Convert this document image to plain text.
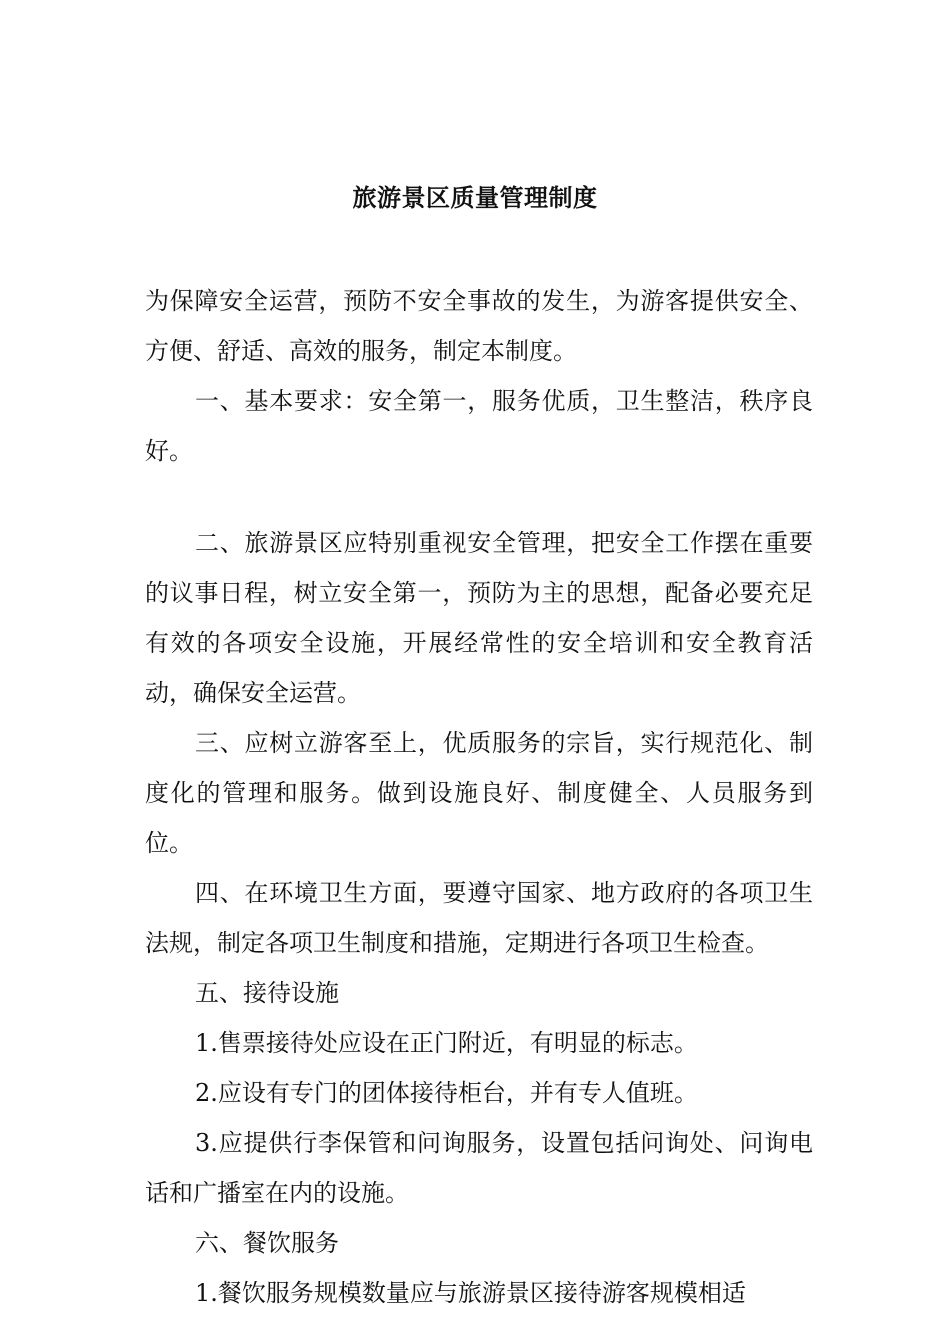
旅游景区质量管理制度

为保障安全运营，预防不安全事故的发生，为游客提供安全、方便、舒适、高效的服务，制定本制度。

一、基本要求：安全第一，服务优质，卫生整洁，秩序良好。

二、旅游景区应特别重视安全管理，把安全工作摆在重要的议事日程，树立安全第一，预防为主的思想，配备必要充足有效的各项安全设施，开展经常性的安全培训和安全教育活动，确保安全运营。

三、应树立游客至上，优质服务的宗旨，实行规范化、制度化的管理和服务。做到设施良好、制度健全、人员服务到位。

四、在环境卫生方面，要遵守国家、地方政府的各项卫生法规，制定各项卫生制度和措施，定期进行各项卫生检查。

五、接待设施

1.售票接待处应设在正门附近，有明显的标志。

2.应设有专门的团体接待柜台，并有专人值班。

3.应提供行李保管和问询服务，设置包括问询处、问询电话和广播室在内的设施。

六、餐饮服务

1.餐饮服务规模数量应与旅游景区接待游客规模相适
